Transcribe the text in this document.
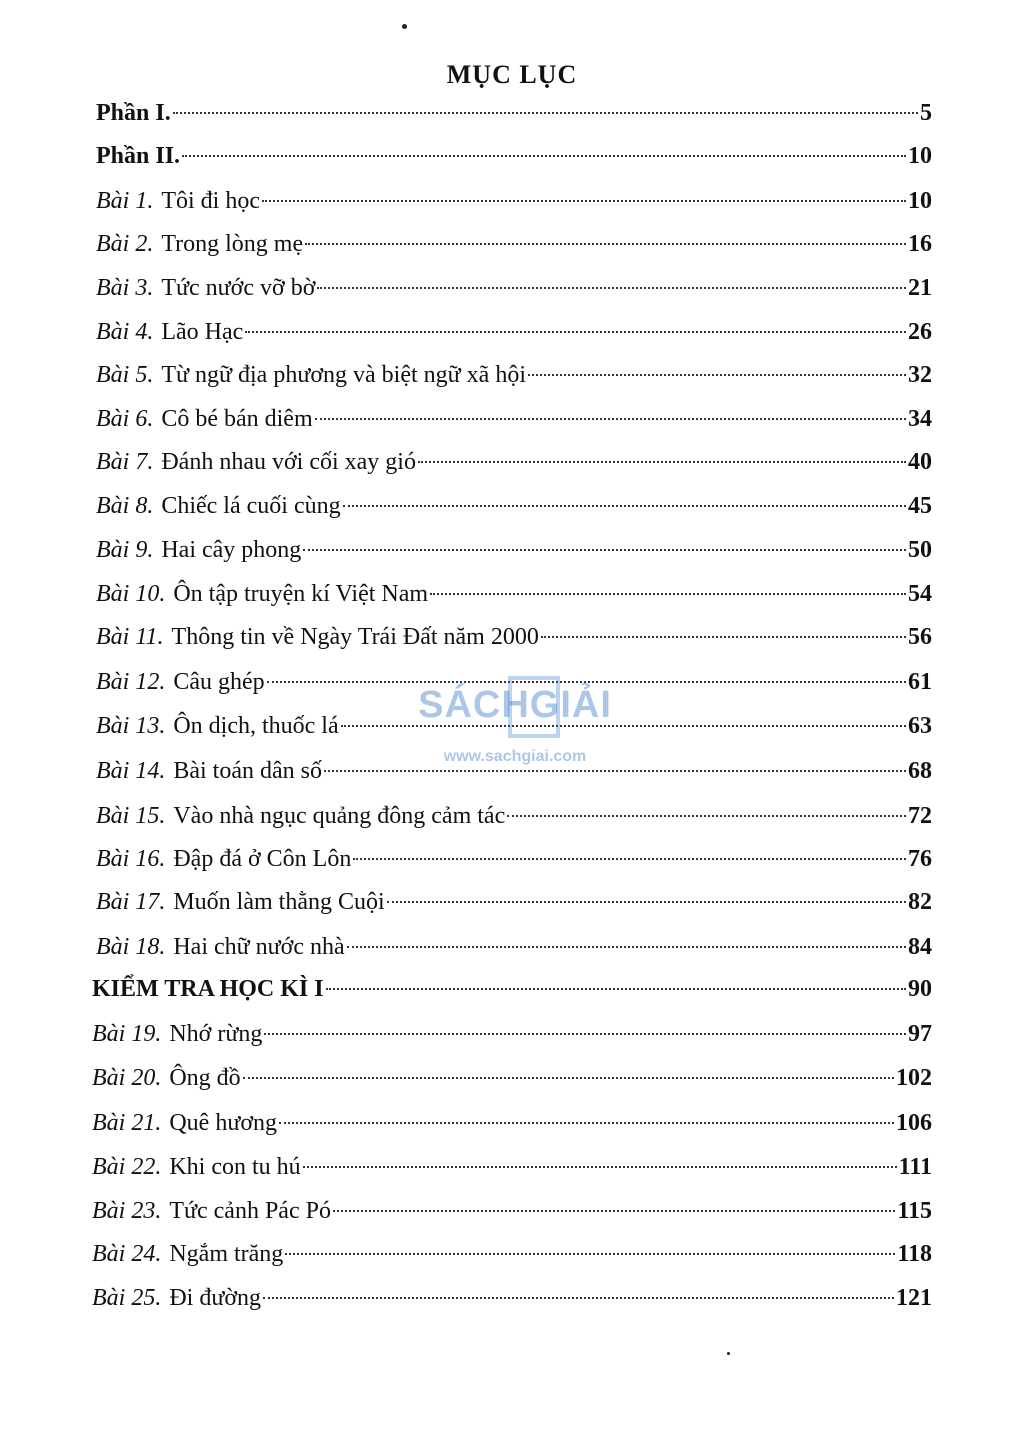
MỤC LỤC
Phần I.	5
Phần II.	10
Bài 1. Tôi đi học	10
Bài 2. Trong lòng mẹ	16
Bài 3. Tức nước vỡ bờ	21
Bài 4. Lão Hạc	26
Bài 5. Từ ngữ địa phương và biệt ngữ xã hội	32
Bài 6. Cô bé bán diêm	34
Bài 7. Đánh nhau với cối xay gió	40
Bài 8. Chiếc lá cuối cùng	45
Bài 9. Hai cây phong	50
Bài 10. Ôn tập truyện kí Việt Nam	54
Bài 11. Thông tin về Ngày Trái Đất năm 2000	56
Bài 12. Câu ghép	61
Bài 13. Ôn dịch, thuốc lá	63
Bài 14. Bài toán dân số	68
Bài 15. Vào nhà ngục quảng đông cảm tác	72
Bài 16. Đập đá ở Côn Lôn	76
Bài 17. Muốn làm thằng Cuội	82
Bài 18. Hai chữ nước nhà	84
KIỂM TRA HỌC KÌ I	90
Bài 19. Nhớ rừng	97
Bài 20. Ông đồ	102
Bài 21. Quê hương	106
Bài 22. Khi con tu hú	111
Bài 23. Tức cảnh Pác Pó	115
Bài 24. Ngắm trăng	118
Bài 25. Đi đường	121
SÁCHGIẢI
www.sachgiai.com
